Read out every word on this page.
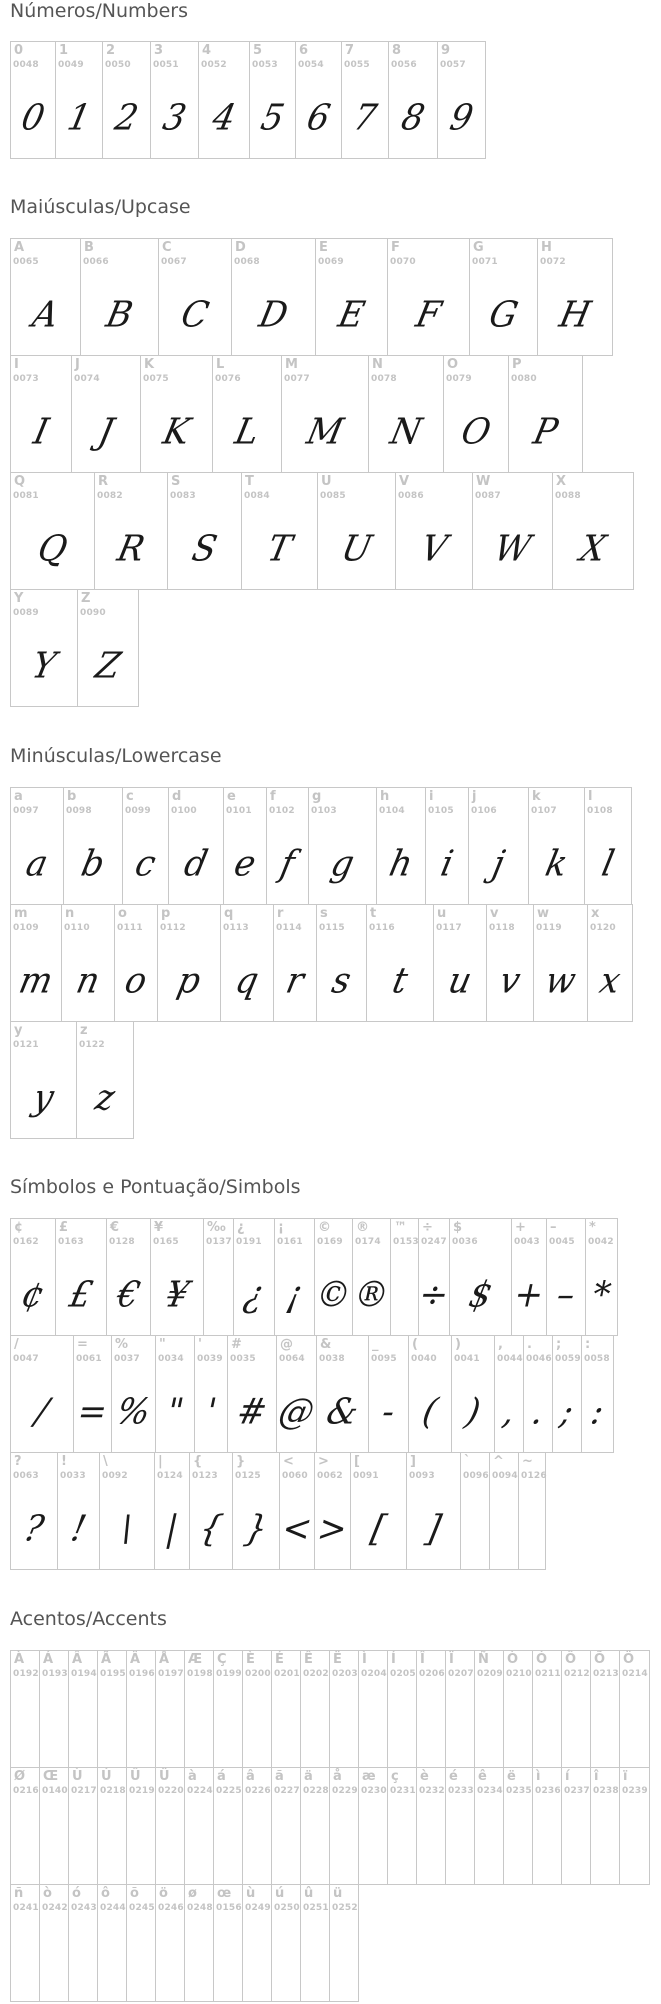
Números/Numbers
Maiúsculas/Upcase
Minúsculas/Lowercase
Símbolos e Pontuação/Simbols
Acentos/Accents
0
0048
0
1
0049
1
2
0050
2
3
0051
3
4
0052
4
5
0053
5
6
0054
6
7
0055
7
8
0056
8
9
0057
9
A
0065
A
B
0066
B
C
0067
C
D
0068
D
E
0069
E
F
0070
F
G
0071
G
H
0072
H
I
0073
I
J
0074
J
K
0075
K
L
0076
L
M
0077
M
N
0078
N
O
0079
O
P
0080
P
Q
0081
Q
R
0082
R
S
0083
S
T
0084
T
U
0085
U
V
0086
V
W
0087
W
X
0088
X
Y
0089
Y
Z
0090
Z
a
0097
a
b
0098
b
c
0099
c
d
0100
d
e
0101
e
f
0102
f
g
0103
g
h
0104
h
i
0105
i
j
0106
j
k
0107
k
l
0108
l
m
0109
m
n
0110
n
o
0111
o
p
0112
p
q
0113
q
r
0114
r
s
0115
s
t
0116
t
u
0117
u
v
0118
v
w
0119
w
x
0120
x
y
0121
y
z
0122
z
¢
0162
¢
£
0163
£
€
0128
€
¥
0165
¥
‰
0137
¿
0191
¿
¡
0161
¡
©
0169
©
®
0174
®
™
0153
÷
0247
÷
$
0036
$
+
0043
+
–
0045
–
*
0042
*
/
0047
/
=
0061
=
%
0037
%
"
0034
"
'
0039
'
#
0035
#
@
0064
@
&
0038
&
_
0095
-
(
0040
(
)
0041
)
,
0044
,
.
0046
.
;
0059
;
:
0058
:
?
0063
?
!
0033
!
\
0092
\
|
0124
|
{
0123
{
}
0125
}
<
0060
<
>
0062
>
[
0091
[
]
0093
]
`
0096
^
0094
~
0126
À
0192
Á
0193
Â
0194
Ã
0195
Ä
0196
Å
0197
Æ
0198
Ç
0199
È
0200
É
0201
Ê
0202
Ë
0203
Ì
0204
Í
0205
Î
0206
Ï
0207
Ñ
0209
Ò
0210
Ó
0211
Ô
0212
Õ
0213
Ö
0214
Ø
0216
Œ
0140
Ù
0217
Ú
0218
Û
0219
Ü
0220
à
0224
á
0225
â
0226
ã
0227
ä
0228
å
0229
æ
0230
ç
0231
è
0232
é
0233
ê
0234
ë
0235
ì
0236
í
0237
î
0238
ï
0239
ñ
0241
ò
0242
ó
0243
ô
0244
õ
0245
ö
0246
ø
0248
œ
0156
ù
0249
ú
0250
û
0251
ü
0252
